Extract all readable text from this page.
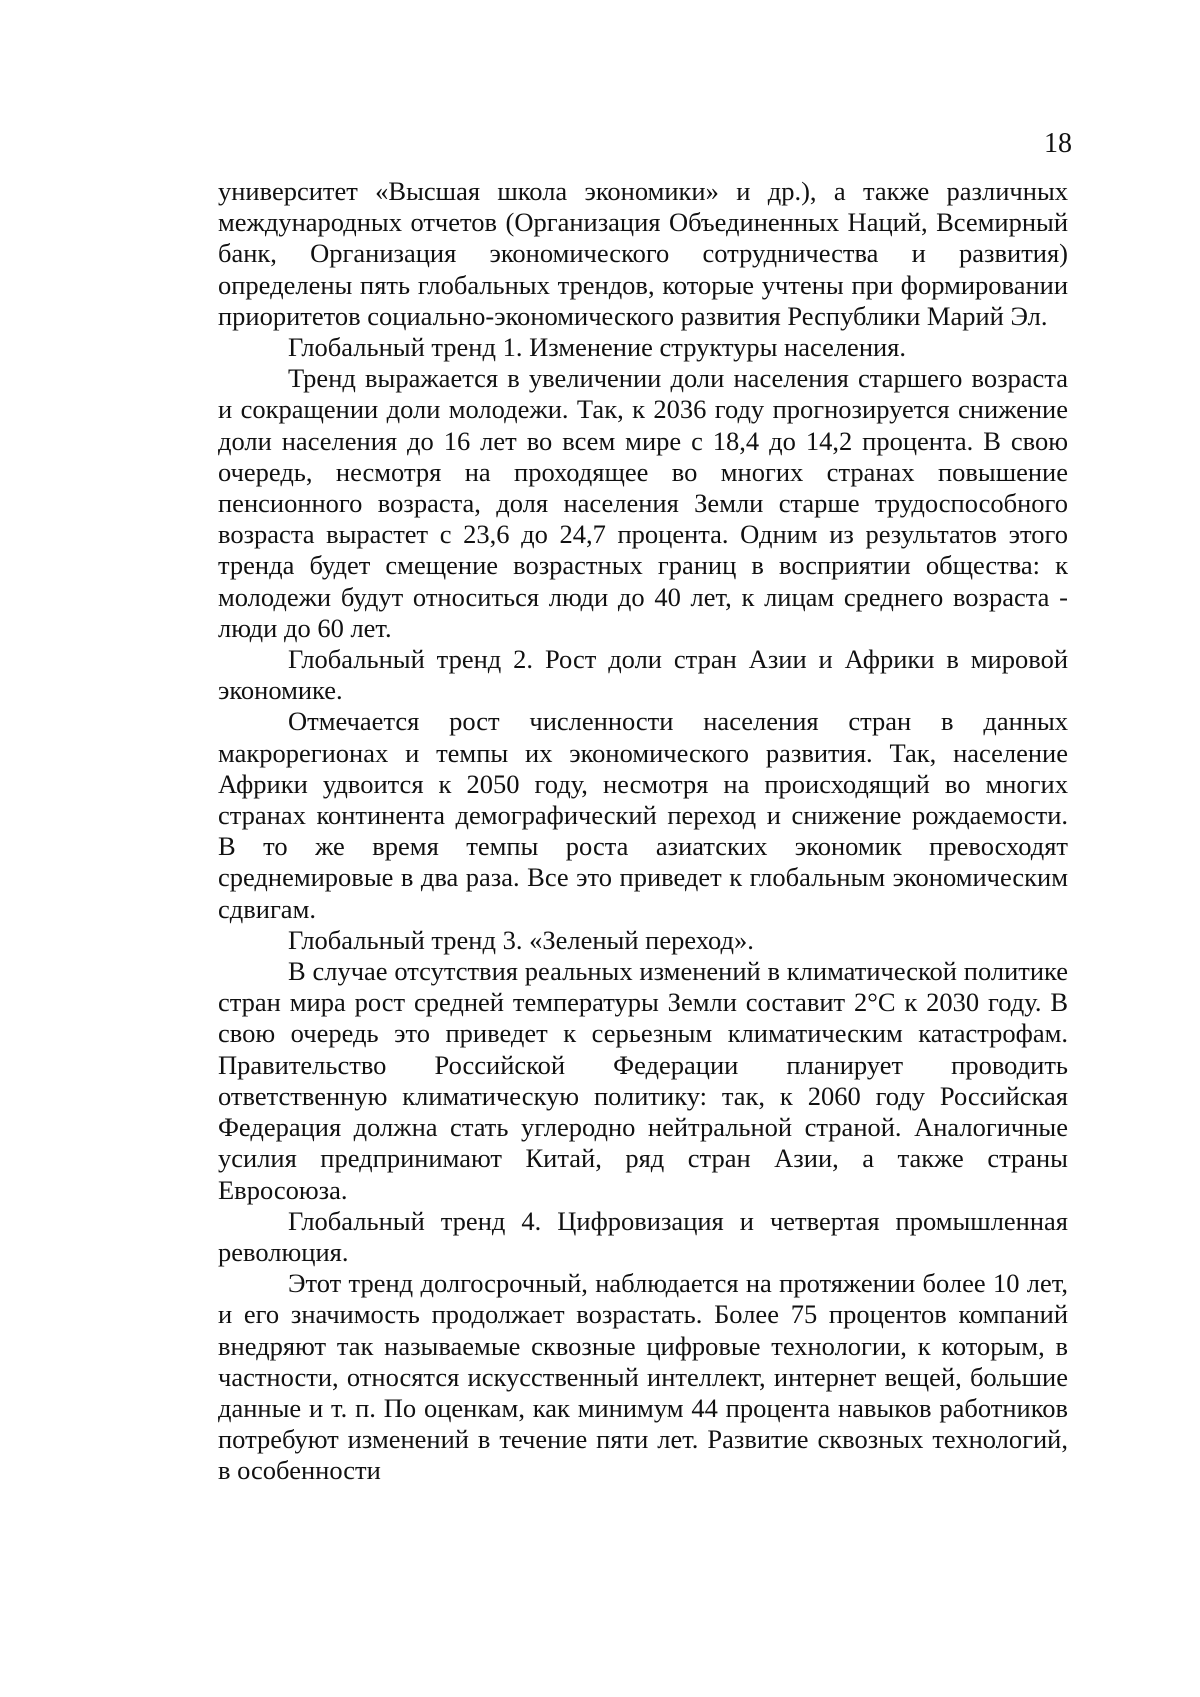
18

университет «Высшая школа экономики» и др.), а также различных международных отчетов (Организация Объединенных Наций, Всемирный банк, Организация экономического сотрудничества и развития) определены пять глобальных трендов, которые учтены при формировании приоритетов социально-экономического развития Республики Марий Эл.

Глобальный тренд 1. Изменение структуры населения.

Тренд выражается в увеличении доли населения старшего возраста и сокращении доли молодежи. Так, к 2036 году прогнозируется снижение доли населения до 16 лет во всем мире с 18,4 до 14,2 процента. В свою очередь, несмотря на проходящее во многих странах повышение пенсионного возраста, доля населения Земли старше трудоспособного возраста вырастет с 23,6 до 24,7 процента. Одним из результатов этого тренда будет смещение возрастных границ в восприятии общества: к молодежи будут относиться люди до 40 лет, к лицам среднего возраста - люди до 60 лет.

Глобальный тренд 2. Рост доли стран Азии и Африки в мировой экономике.

Отмечается рост численности населения стран в данных макрорегионах и темпы их экономического развития. Так, население Африки удвоится к 2050 году, несмотря на происходящий во многих странах континента демографический переход и снижение рождаемости. В то же время темпы роста азиатских экономик превосходят среднемировые в два раза. Все это приведет к глобальным экономическим сдвигам.

Глобальный тренд 3. «Зеленый переход».

В случае отсутствия реальных изменений в климатической политике стран мира рост средней температуры Земли составит 2°С к 2030 году. В свою очередь это приведет к серьезным климатическим катастрофам. Правительство Российской Федерации планирует проводить ответственную климатическую политику: так, к 2060 году Российская Федерация должна стать углеродно нейтральной страной. Аналогичные усилия предпринимают Китай, ряд стран Азии, а также страны Евросоюза.

Глобальный тренд 4. Цифровизация и четвертая промышленная революция.

Этот тренд долгосрочный, наблюдается на протяжении более 10 лет, и его значимость продолжает возрастать. Более 75 процентов компаний внедряют так называемые сквозные цифровые технологии, к которым, в частности, относятся искусственный интеллект, интернет вещей, большие данные и т. п. По оценкам, как минимум 44 процента навыков работников потребуют изменений в течение пяти лет. Развитие сквозных технологий, в особенности
